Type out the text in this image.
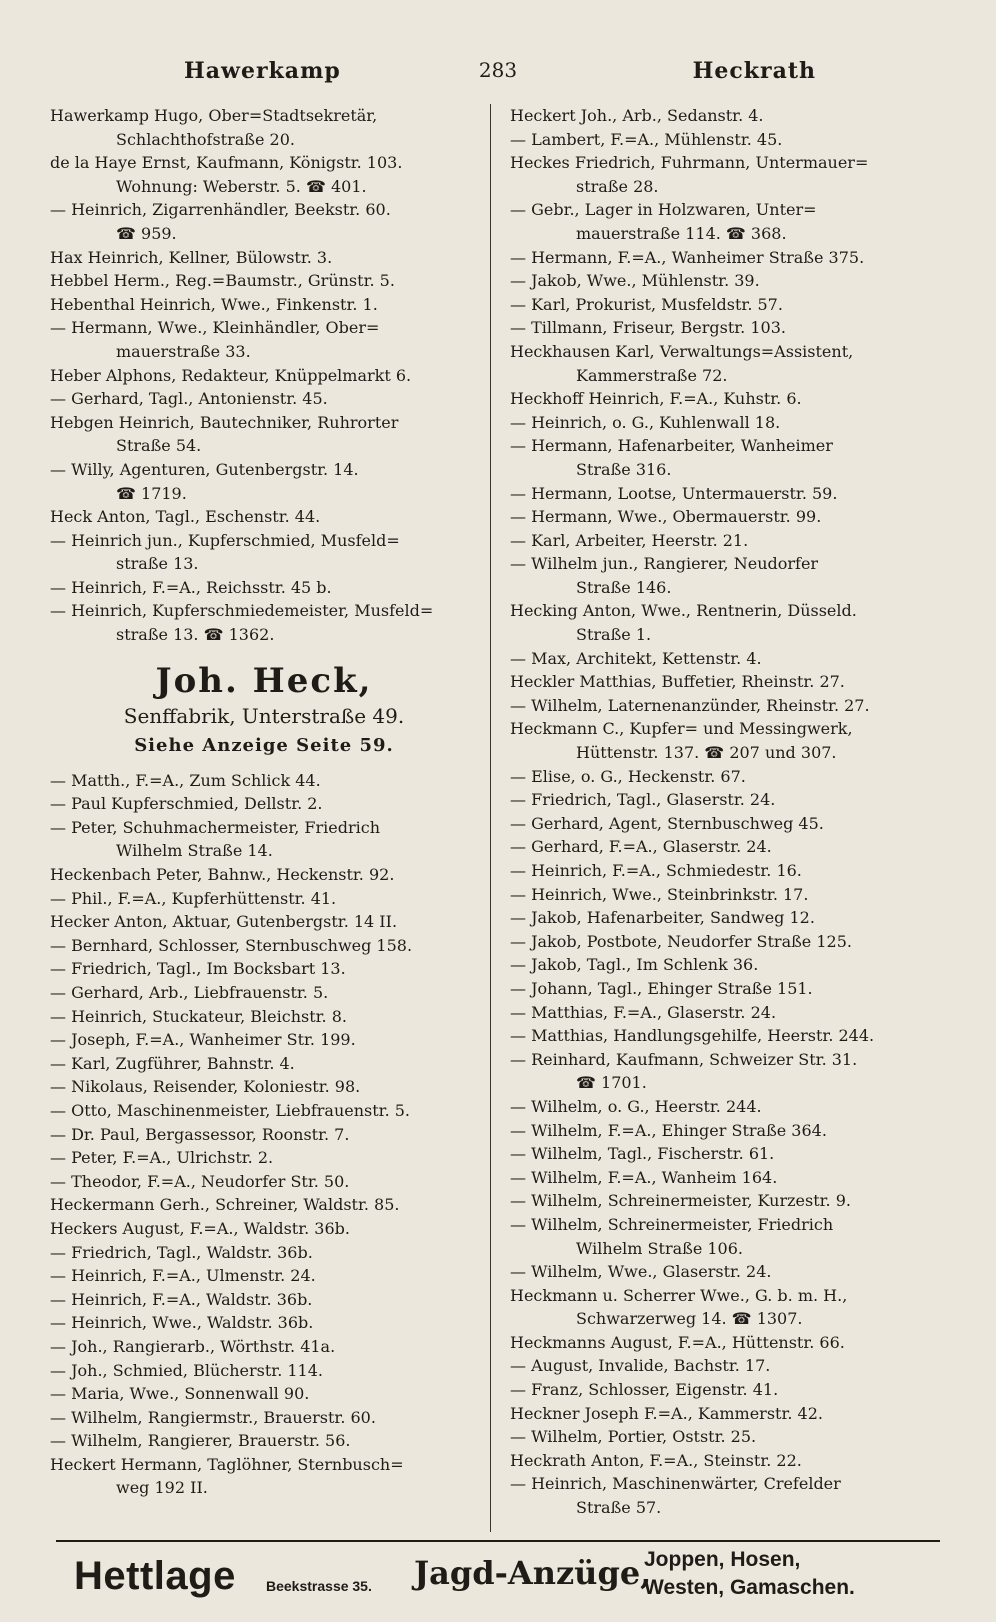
Hawerkamp	283	Heckrath
Hawerkamp Hugo, Ober=Stadtsekretär,
Schlachthofstraße 20.
de la Haye Ernst, Kaufmann, Königstr. 103.
Wohnung: Weberstr. 5. ☎ 401.
— Heinrich, Zigarrenhändler, Beekstr. 60.
☎ 959.
Hax Heinrich, Kellner, Bülowstr. 3.
Hebbel Herm., Reg.=Baumstr., Grünstr. 5.
Hebenthal Heinrich, Wwe., Finkenstr. 1.
— Hermann, Wwe., Kleinhändler, Ober=
mauerstraße 33.
Heber Alphons, Redakteur, Knüppelmarkt 6.
— Gerhard, Tagl., Antonienstr. 45.
Hebgen Heinrich, Bautechniker, Ruhrorter
Straße 54.
— Willy, Agenturen, Gutenbergstr. 14.
☎ 1719.
Heck Anton, Tagl., Eschenstr. 44.
— Heinrich jun., Kupferschmied, Musfeld=
straße 13.
— Heinrich, F.=A., Reichsstr. 45 b.
— Heinrich, Kupferschmiedemeister, Musfeld=
straße 13. ☎ 1362.
Joh. Heck,
Senffabrik, Unterstraße 49.
Siehe Anzeige Seite 59.
— Matth., F.=A., Zum Schlick 44.
— Paul Kupferschmied, Dellstr. 2.
— Peter, Schuhmachermeister, Friedrich
Wilhelm Straße 14.
Heckenbach Peter, Bahnw., Heckenstr. 92.
— Phil., F.=A., Kupferhüttenstr. 41.
Hecker Anton, Aktuar, Gutenbergstr. 14 II.
— Bernhard, Schlosser, Sternbuschweg 158.
— Friedrich, Tagl., Im Bocksbart 13.
— Gerhard, Arb., Liebfrauenstr. 5.
— Heinrich, Stuckateur, Bleichstr. 8.
— Joseph, F.=A., Wanheimer Str. 199.
— Karl, Zugführer, Bahnstr. 4.
— Nikolaus, Reisender, Koloniestr. 98.
— Otto, Maschinenmeister, Liebfrauenstr. 5.
— Dr. Paul, Bergassessor, Roonstr. 7.
— Peter, F.=A., Ulrichstr. 2.
— Theodor, F.=A., Neudorfer Str. 50.
Heckermann Gerh., Schreiner, Waldstr. 85.
Heckers August, F.=A., Waldstr. 36b.
— Friedrich, Tagl., Waldstr. 36b.
— Heinrich, F.=A., Ulmenstr. 24.
— Heinrich, F.=A., Waldstr. 36b.
— Heinrich, Wwe., Waldstr. 36b.
— Joh., Rangierarb., Wörthstr. 41a.
— Joh., Schmied, Blücherstr. 114.
— Maria, Wwe., Sonnenwall 90.
— Wilhelm, Rangiermstr., Brauerstr. 60.
— Wilhelm, Rangierer, Brauerstr. 56.
Heckert Hermann, Taglöhner, Sternbusch=
weg 192 II.
Heckert Joh., Arb., Sedanstr. 4.
— Lambert, F.=A., Mühlenstr. 45.
Heckes Friedrich, Fuhrmann, Untermauer=
straße 28.
— Gebr., Lager in Holzwaren, Unter=
mauerstraße 114. ☎ 368.
— Hermann, F.=A., Wanheimer Straße 375.
— Jakob, Wwe., Mühlenstr. 39.
— Karl, Prokurist, Musfeldstr. 57.
— Tillmann, Friseur, Bergstr. 103.
Heckhausen Karl, Verwaltungs=Assistent,
Kammerstraße 72.
Heckhoff Heinrich, F.=A., Kuhstr. 6.
— Heinrich, o. G., Kuhlenwall 18.
— Hermann, Hafenarbeiter, Wanheimer
Straße 316.
— Hermann, Lootse, Untermauerstr. 59.
— Hermann, Wwe., Obermauerstr. 99.
— Karl, Arbeiter, Heerstr. 21.
— Wilhelm jun., Rangierer, Neudorfer
Straße 146.
Hecking Anton, Wwe., Rentnerin, Düsseld.
Straße 1.
— Max, Architekt, Kettenstr. 4.
Heckler Matthias, Buffetier, Rheinstr. 27.
— Wilhelm, Laternenanzünder, Rheinstr. 27.
Heckmann C., Kupfer= und Messingwerk,
Hüttenstr. 137. ☎ 207 und 307.
— Elise, o. G., Heckenstr. 67.
— Friedrich, Tagl., Glaserstr. 24.
— Gerhard, Agent, Sternbuschweg 45.
— Gerhard, F.=A., Glaserstr. 24.
— Heinrich, F.=A., Schmiedestr. 16.
— Heinrich, Wwe., Steinbrinkstr. 17.
— Jakob, Hafenarbeiter, Sandweg 12.
— Jakob, Postbote, Neudorfer Straße 125.
— Jakob, Tagl., Im Schlenk 36.
— Johann, Tagl., Ehinger Straße 151.
— Matthias, F.=A., Glaserstr. 24.
— Matthias, Handlungsgehilfe, Heerstr. 244.
— Reinhard, Kaufmann, Schweizer Str. 31.
☎ 1701.
— Wilhelm, o. G., Heerstr. 244.
— Wilhelm, F.=A., Ehinger Straße 364.
— Wilhelm, Tagl., Fischerstr. 61.
— Wilhelm, F.=A., Wanheim 164.
— Wilhelm, Schreinermeister, Kurzestr. 9.
— Wilhelm, Schreinermeister, Friedrich
Wilhelm Straße 106.
— Wilhelm, Wwe., Glaserstr. 24.
Heckmann u. Scherrer Wwe., G. b. m. H.,
Schwarzerweg 14. ☎ 1307.
Heckmanns August, F.=A., Hüttenstr. 66.
— August, Invalide, Bachstr. 17.
— Franz, Schlosser, Eigenstr. 41.
Heckner Joseph F.=A., Kammerstr. 42.
— Wilhelm, Portier, Oststr. 25.
Heckrath Anton, F.=A., Steinstr. 22.
— Heinrich, Maschinenwärter, Crefelder
Straße 57.
Hettlage Beekstrasse 35. Jagd-Anzüge,
Joppen, Hosen,
Westen, Gamaschen.
